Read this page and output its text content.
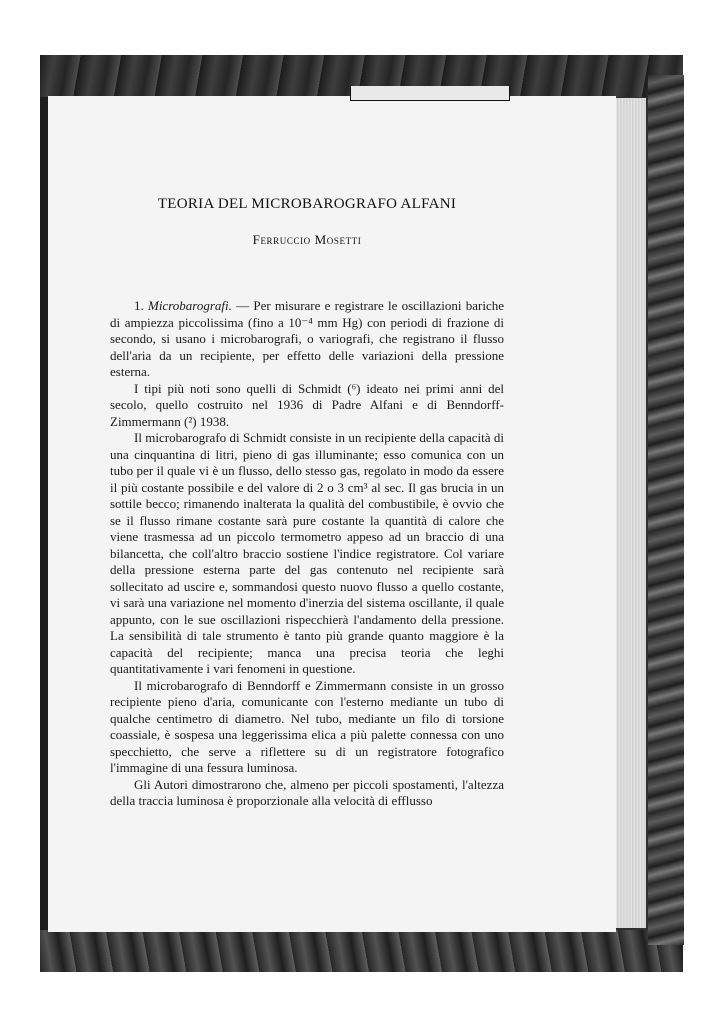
TEORIA DEL MICROBAROGRAFO ALFANI
Ferruccio Mosetti

1. Microbarografi. — Per misurare e registrare le oscillazioni bariche di ampiezza piccolissima (fino a 10⁻⁴ mm Hg) con periodi di frazione di secondo, si usano i microbarografi, o variografi, che registrano il flusso dell'aria da un recipiente, per effetto delle variazioni della pressione esterna.

I tipi più noti sono quelli di Schmidt (⁶) ideato nei primi anni del secolo, quello costruito nel 1936 di Padre Alfani e di Benndorff-Zimmermann (²) 1938.

Il microbarografo di Schmidt consiste in un recipiente della capacità di una cinquantina di litri, pieno di gas illuminante; esso comunica con un tubo per il quale vi è un flusso, dello stesso gas, regolato in modo da essere il più costante possibile e del valore di 2 o 3 cm³ al sec. Il gas brucia in un sottile becco; rimanendo inalterata la qualità del combustibile, è ovvio che se il flusso rimane costante sarà pure costante la quantità di calore che viene trasmessa ad un piccolo termometro appeso ad un braccio di una bilancetta, che coll'altro braccio sostiene l'indice registratore. Col variare della pressione esterna parte del gas contenuto nel recipiente sarà sollecitato ad uscire e, sommandosi questo nuovo flusso a quello costante, vi sarà una variazione nel momento d'inerzia del sistema oscillante, il quale appunto, con le sue oscillazioni rispecchierà l'andamento della pressione. La sensibilità di tale strumento è tanto più grande quanto maggiore è la capacità del recipiente; manca una precisa teoria che leghi quantitativamente i vari fenomeni in questione.

Il microbarografo di Benndorff e Zimmermann consiste in un grosso recipiente pieno d'aria, comunicante con l'esterno mediante un tubo di qualche centimetro di diametro. Nel tubo, mediante un filo di torsione coassiale, è sospesa una leggerissima elica a più palette connessa con uno specchietto, che serve a riflettere su di un registratore fotografico l'immagine di una fessura luminosa.

Gli Autori dimostrarono che, almeno per piccoli spostamenti, l'altezza della traccia luminosa è proporzionale alla velocità di efflusso
